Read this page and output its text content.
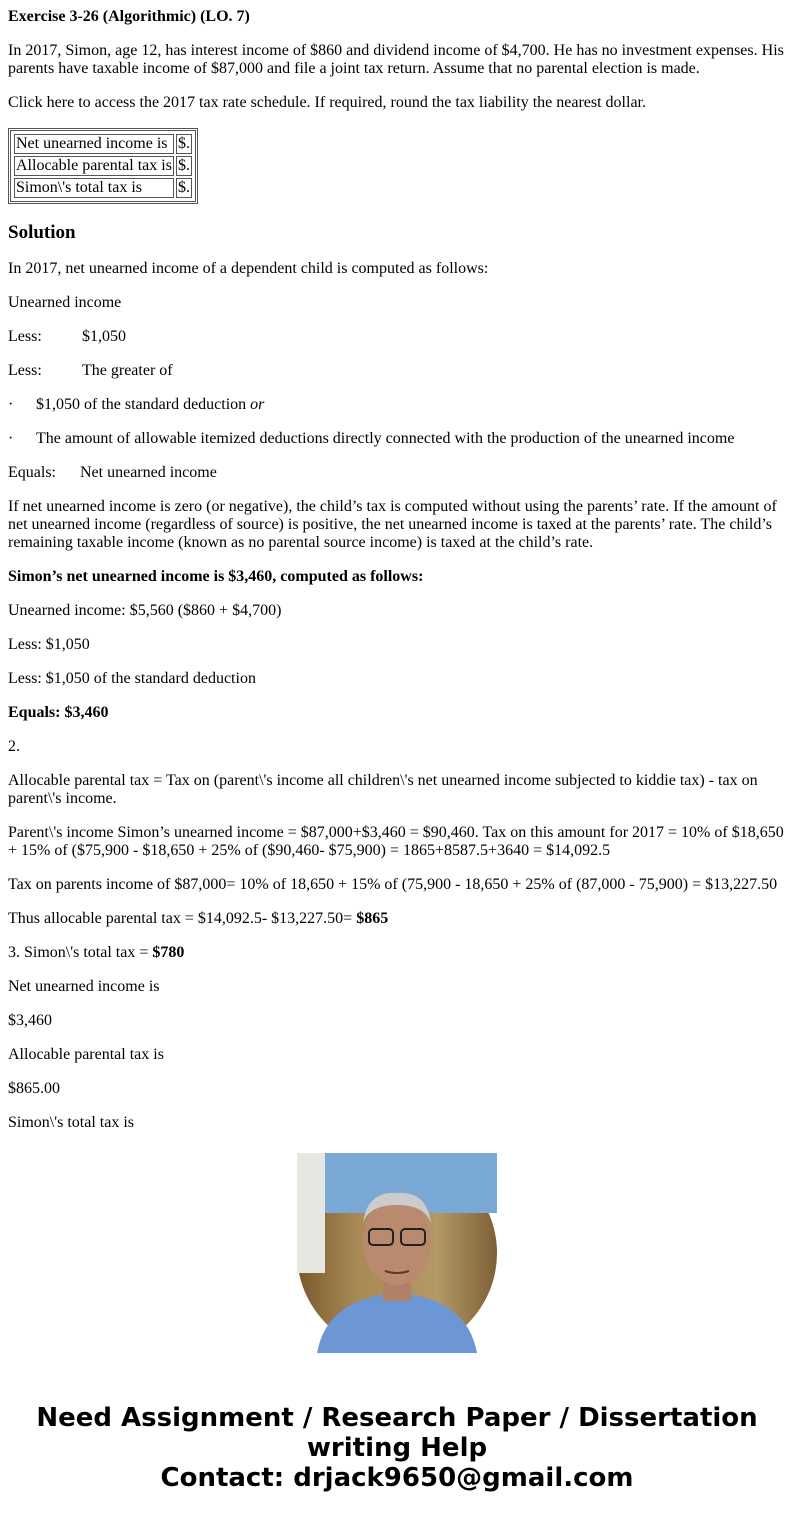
Exercise 3-26 (Algorithmic) (LO. 7)

In 2017, Simon, age 12, has interest income of $860 and dividend income of $4,700. He has no investment expenses. His parents have taxable income of $87,000 and file a joint tax return. Assume that no parental election is made.

Click here to access the 2017 tax rate schedule. If required, round the tax liability the nearest dollar.

Net unearned income is	$.
Allocable parental tax is	$.
Simon\'s total tax is	$.
Solution

In 2017, net unearned income of a dependent child is computed as follows:

Unearned income

Less:	$1,050

Less:	The greater of

· $1,050 of the standard deduction or

· The amount of allowable itemized deductions directly connected with the production of the unearned income

Equals: Net unearned income

If net unearned income is zero (or negative), the child’s tax is computed without using the parents’ rate. If the amount of net unearned income (regardless of source) is positive, the net unearned income is taxed at the parents’ rate. The child’s remaining taxable income (known as no parental source income) is taxed at the child’s rate.

Simon’s net unearned income is $3,460, computed as follows:

Unearned income: $5,560 ($860 + $4,700)

Less: $1,050

Less: $1,050 of the standard deduction

Equals: $3,460

2.

Allocable parental tax = Tax on (parent\'s income all children\'s net unearned income subjected to kiddie tax) - tax on parent\'s income.

Parent\'s income Simon’s unearned income = $87,000+$3,460 = $90,460. Tax on this amount for 2017 = 10% of $18,650 + 15% of ($75,900 - $18,650 + 25% of ($90,460- $75,900) = 1865+8587.5+3640 = $14,092.5

Tax on parents income of $87,000= 10% of 18,650 + 15% of (75,900 - 18,650 + 25% of (87,000 - 75,900) = $13,227.50

Thus allocable parental tax = $14,092.5- $13,227.50= $865

3. Simon\'s total tax = $780

Net unearned income is

$3,460

Allocable parental tax is

$865.00

Simon\'s total tax is

Need Assignment / Research Paper / Dissertation
writing Help
Contact: drjack9650@gmail.com
